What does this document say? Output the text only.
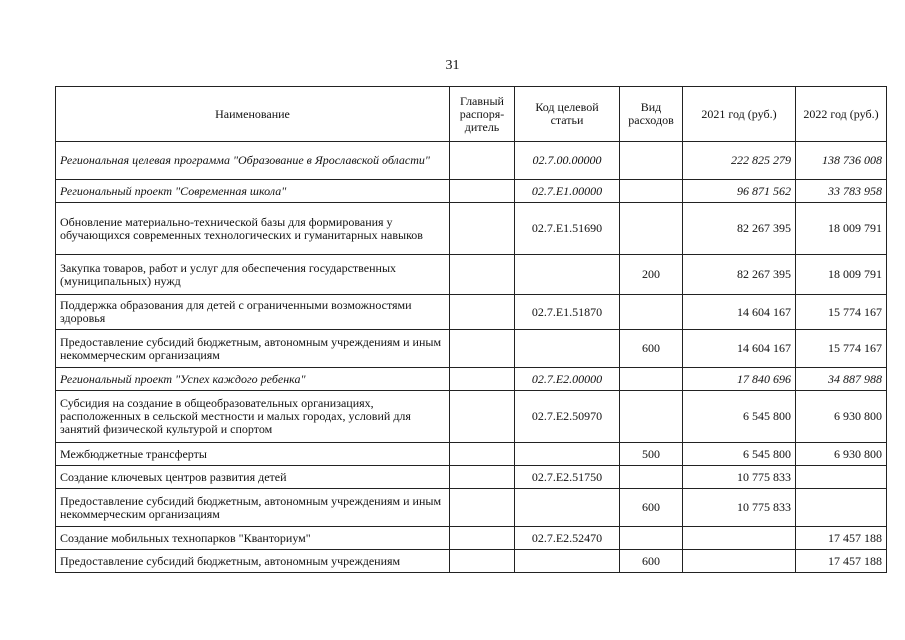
31
Наименование	Главный распоря-дитель	Код целевой статьи	Вид расходов	2021 год (руб.)	2022 год (руб.)
Региональная целевая программа "Образование в Ярославской области"		02.7.00.00000		222 825 279	138 736 008
Региональный проект "Современная школа"		02.7.E1.00000		96 871 562	33 783 958
Обновление материально-технической базы для формирования у обучающихся современных технологических и гуманитарных навыков		02.7.E1.51690		82 267 395	18 009 791
Закупка товаров, работ и услуг для обеспечения государственных (муниципальных) нужд			200	82 267 395	18 009 791
Поддержка образования для детей с ограниченными возможностями здоровья		02.7.E1.51870		14 604 167	15 774 167
Предоставление субсидий бюджетным, автономным учреждениям и иным некоммерческим организациям			600	14 604 167	15 774 167
Региональный проект "Успех каждого ребенка"		02.7.E2.00000		17 840 696	34 887 988
Субсидия на создание в общеобразовательных организациях, расположенных в сельской местности и малых городах, условий для занятий физической культурой и спортом		02.7.E2.50970		6 545 800	6 930 800
Межбюджетные трансферты			500	6 545 800	6 930 800
Создание ключевых центров развития детей		02.7.E2.51750		10 775 833	
Предоставление субсидий бюджетным, автономным учреждениям и иным некоммерческим организациям			600	10 775 833	
Создание мобильных технопарков "Кванториум"		02.7.E2.52470			17 457 188
Предоставление субсидий бюджетным, автономным учреждениям			600		17 457 188
